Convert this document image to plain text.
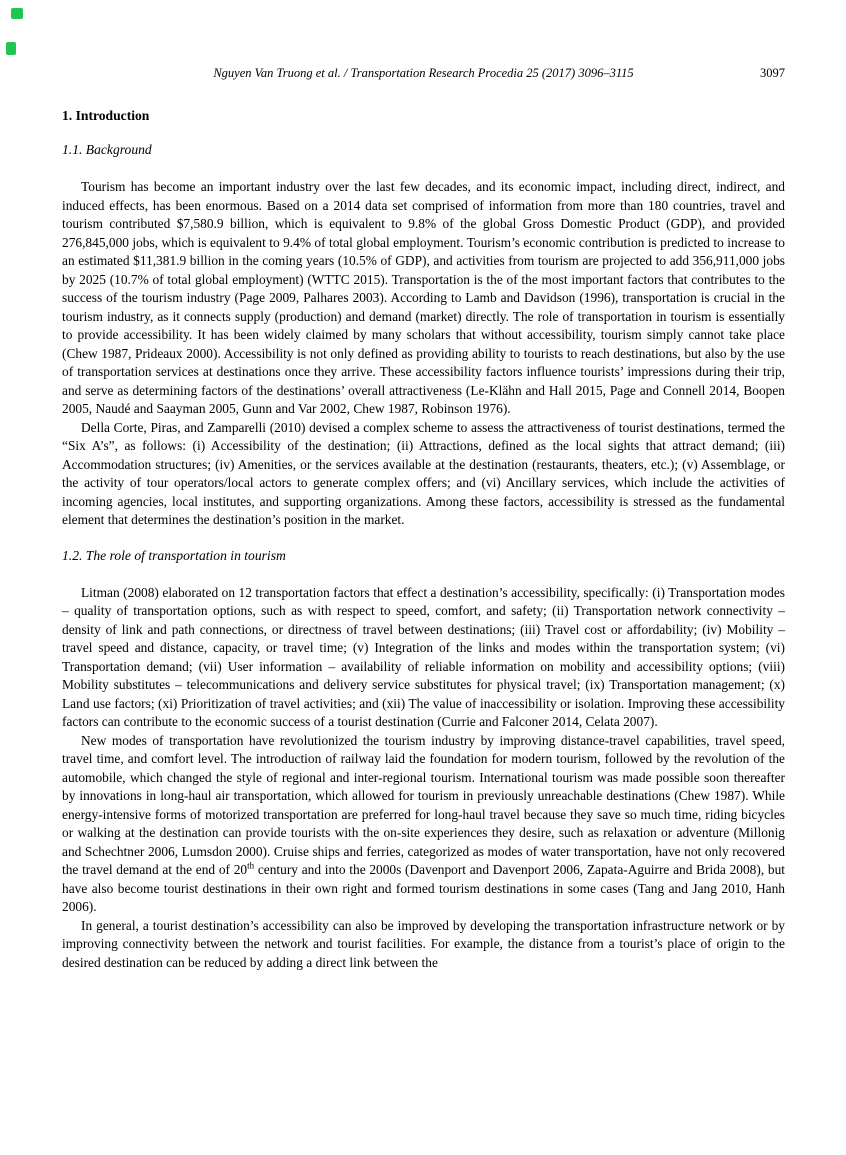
Nguyen Van Truong et al. / Transportation Research Procedia 25 (2017) 3096–3115	3097
1. Introduction
1.1. Background

Tourism has become an important industry over the last few decades, and its economic impact, including direct, indirect, and induced effects, has been enormous. Based on a 2014 data set comprised of information from more than 180 countries, travel and tourism contributed $7,580.9 billion, which is equivalent to 9.8% of the global Gross Domestic Product (GDP), and provided 276,845,000 jobs, which is equivalent to 9.4% of total global employment. Tourism’s economic contribution is predicted to increase to an estimated $11,381.9 billion in the coming years (10.5% of GDP), and activities from tourism are projected to add 356,911,000 jobs by 2025 (10.7% of total global employment) (WTTC 2015). Transportation is the of the most important factors that contributes to the success of the tourism industry (Page 2009, Palhares 2003). According to Lamb and Davidson (1996), transportation is crucial in the tourism industry, as it connects supply (production) and demand (market) directly. The role of transportation in tourism is essentially to provide accessibility. It has been widely claimed by many scholars that without accessibility, tourism simply cannot take place (Chew 1987, Prideaux 2000). Accessibility is not only defined as providing ability to tourists to reach destinations, but also by the use of transportation services at destinations once they arrive. These accessibility factors influence tourists’ impressions during their trip, and serve as determining factors of the destinations’ overall attractiveness (Le-Klähn and Hall 2015, Page and Connell 2014, Boopen 2005, Naudé and Saayman 2005, Gunn and Var 2002, Chew 1987, Robinson 1976).

Della Corte, Piras, and Zamparelli (2010) devised a complex scheme to assess the attractiveness of tourist destinations, termed the “Six A’s”, as follows: (i) Accessibility of the destination; (ii) Attractions, defined as the local sights that attract demand; (iii) Accommodation structures; (iv) Amenities, or the services available at the destination (restaurants, theaters, etc.); (v) Assemblage, or the activity of tour operators/local actors to generate complex offers; and (vi) Ancillary services, which include the activities of incoming agencies, local institutes, and supporting organizations. Among these factors, accessibility is stressed as the fundamental element that determines the destination’s position in the market.

1.2. The role of transportation in tourism

Litman (2008) elaborated on 12 transportation factors that effect a destination’s accessibility, specifically: (i) Transportation modes – quality of transportation options, such as with respect to speed, comfort, and safety; (ii) Transportation network connectivity – density of link and path connections, or directness of travel between destinations; (iii) Travel cost or affordability; (iv) Mobility – travel speed and distance, capacity, or travel time; (v) Integration of the links and modes within the transportation system; (vi) Transportation demand; (vii) User information – availability of reliable information on mobility and accessibility options; (viii) Mobility substitutes – telecommunications and delivery service substitutes for physical travel; (ix) Transportation management; (x) Land use factors; (xi) Prioritization of travel activities; and (xii) The value of inaccessibility or isolation. Improving these accessibility factors can contribute to the economic success of a tourist destination (Currie and Falconer 2014, Celata 2007).

New modes of transportation have revolutionized the tourism industry by improving distance-travel capabilities, travel speed, travel time, and comfort level. The introduction of railway laid the foundation for modern tourism, followed by the revolution of the automobile, which changed the style of regional and inter-regional tourism. International tourism was made possible soon thereafter by innovations in long-haul air transportation, which allowed for tourism in previously unreachable destinations (Chew 1987). While energy-intensive forms of motorized transportation are preferred for long-haul travel because they save so much time, riding bicycles or walking at the destination can provide tourists with the on-site experiences they desire, such as relaxation or adventure (Millonig and Schechtner 2006, Lumsdon 2000). Cruise ships and ferries, categorized as modes of water transportation, have not only recovered the travel demand at the end of 20th century and into the 2000s (Davenport and Davenport 2006, Zapata-Aguirre and Brida 2008), but have also become tourist destinations in their own right and formed tourism destinations in some cases (Tang and Jang 2010, Hanh 2006).

In general, a tourist destination’s accessibility can also be improved by developing the transportation infrastructure network or by improving connectivity between the network and tourist facilities. For example, the distance from a tourist’s place of origin to the desired destination can be reduced by adding a direct link between the
